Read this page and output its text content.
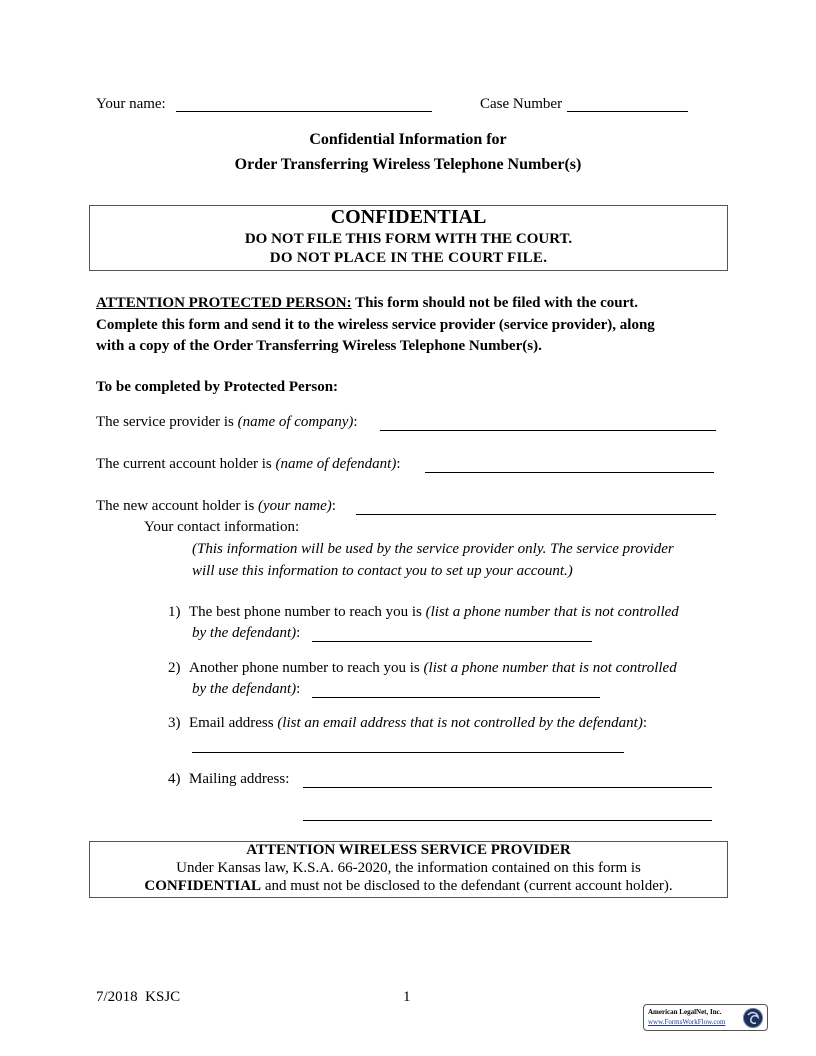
Your name:	Case Number
Confidential Information for
Order Transferring Wireless Telephone Number(s)
CONFIDENTIAL
DO NOT FILE THIS FORM WITH THE COURT.
DO NOT PLACE IN THE COURT FILE.
ATTENTION PROTECTED PERSON: This form should not be filed with the court.
Complete this form and send it to the wireless service provider (service provider), along
with a copy of the Order Transferring Wireless Telephone Number(s).
To be completed by Protected Person:
The service provider is (name of company):
The current account holder is (name of defendant):
The new account holder is (your name):
Your contact information:
(This information will be used by the service provider only. The service provider
will use this information to contact you to set up your account.)
1) The best phone number to reach you is (list a phone number that is not controlled
by the defendant):
2) Another phone number to reach you is (list a phone number that is not controlled
by the defendant):
3) Email address (list an email address that is not controlled by the defendant):
4) Mailing address:
ATTENTION WIRELESS SERVICE PROVIDER
Under Kansas law, K.S.A. 66-2020, the information contained on this form is
CONFIDENTIAL and must not be disclosed to the defendant (current account holder).
7/2018  KSJC	1
American LegalNet, Inc.
www.FormsWorkFlow.com
